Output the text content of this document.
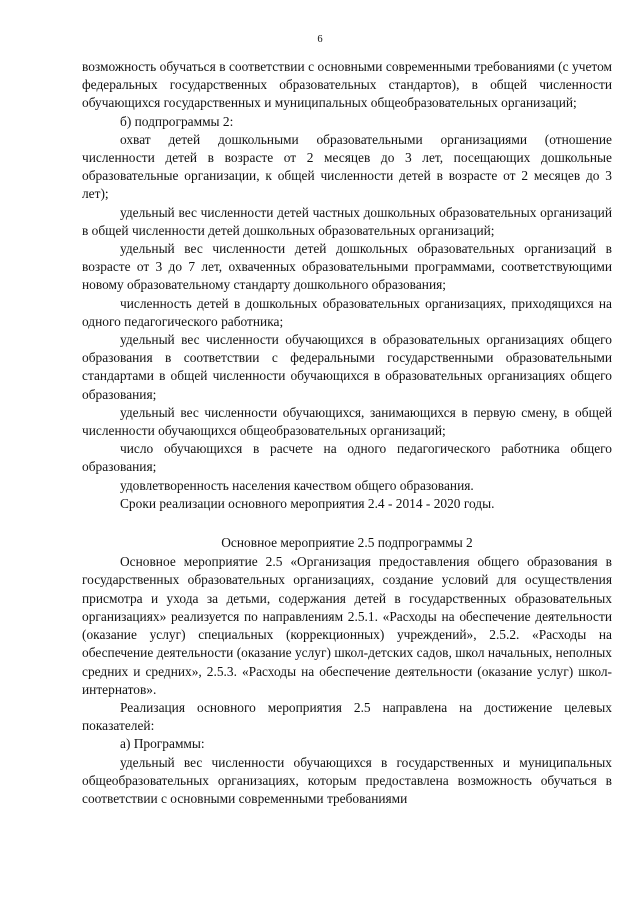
6

возможность обучаться в соответствии с основными современными требованиями (с учетом федеральных государственных образовательных стандартов), в общей численности обучающихся государственных и муниципальных общеобразовательных организаций;

б) подпрограммы 2:

охват детей дошкольными образовательными организациями (отношение численности детей в возрасте от 2 месяцев до 3 лет, посещающих дошкольные образовательные организации, к общей численности детей в возрасте от 2 месяцев до 3 лет);

удельный вес численности детей частных дошкольных образовательных организаций в общей численности детей дошкольных образовательных организаций;

удельный вес численности детей дошкольных образовательных организаций в возрасте от 3 до 7 лет, охваченных образовательными программами, соответствующими новому образовательному стандарту дошкольного образования;

численность детей в дошкольных образовательных организациях, приходящихся на одного педагогического работника;

удельный вес численности обучающихся в образовательных организациях общего образования в соответствии с федеральными государственными образовательными стандартами в общей численности обучающихся в образовательных организациях общего образования;

удельный вес численности обучающихся, занимающихся в первую смену, в общей численности обучающихся общеобразовательных организаций;

число обучающихся в расчете на одного педагогического работника общего образования;

удовлетворенность населения качеством общего образования.

Сроки реализации основного мероприятия 2.4 - 2014 - 2020 годы.

Основное мероприятие 2.5 подпрограммы 2

Основное мероприятие 2.5 «Организация предоставления общего образования в государственных образовательных организациях, создание условий для осуществления присмотра и ухода за детьми, содержания детей в государственных образовательных организациях» реализуется по направлениям 2.5.1. «Расходы на обеспечение деятельности (оказание услуг) специальных (коррекционных) учреждений», 2.5.2. «Расходы на обеспечение деятельности (оказание услуг) школ-детских садов, школ начальных, неполных средних и средних», 2.5.3. «Расходы на обеспечение деятельности (оказание услуг) школ-интернатов».

Реализация основного мероприятия 2.5 направлена на достижение целевых показателей:

а) Программы:

удельный вес численности обучающихся в государственных и муниципальных общеобразовательных организациях, которым предоставлена возможность обучаться в соответствии с основными современными требованиями
